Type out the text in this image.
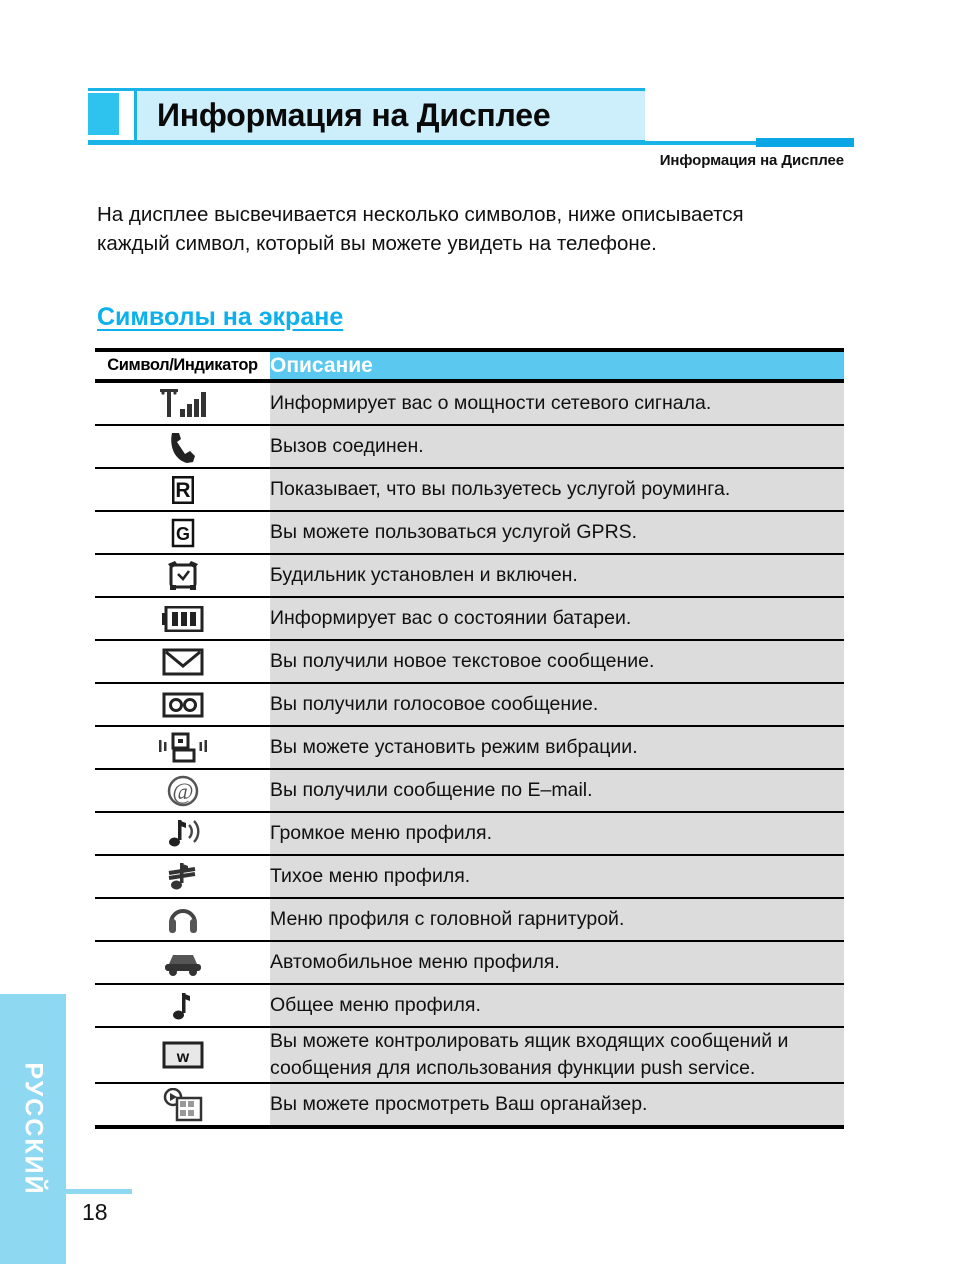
РУССКИЙ
Информация на Дисплее
Информация на Дисплее

На дисплее высвечивается несколько символов, ниже описывается каждый символ, который вы можете увидеть на телефоне.

Символы на экране
Символ/Индикатор	Описание

	Информирует вас о мощности сетевого сигнала.

	Вызов соединен.

R	Показывает, что вы пользуетесь услугой роуминга.

G	Вы можете пользоваться услугой GPRS.

	Будильник установлен и включен.

	Информирует вас о состоянии батареи.

	Вы получили новое текстовое сообщение.

	Вы получили голосовое сообщение.

	Вы можете установить режим вибрации.

@	Вы получили сообщение по E–mail.

	Громкое меню профиля.

	Тихое меню профиля.

	Меню профиля с головной гарнитурой.

	Автомобильное меню профиля.

	Общее меню профиля.

w	Вы можете контролировать ящик входящих сообщений и сообщения для использования функции push service.

	Вы можете просмотреть Ваш органайзер.
18
